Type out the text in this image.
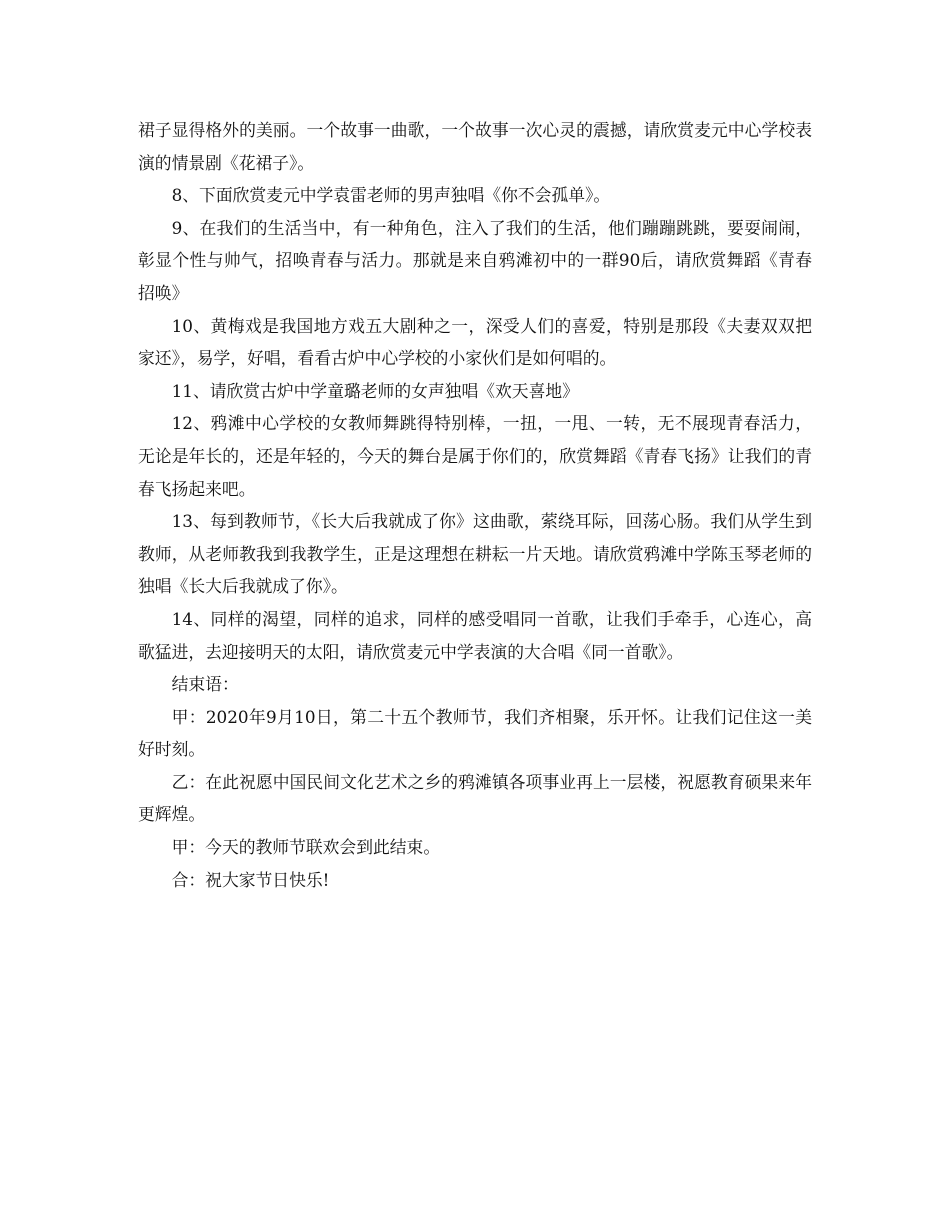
裙子显得格外的美丽。一个故事一曲歌，一个故事一次心灵的震撼，请欣赏麦元中心学校表演的情景剧《花裙子》。

8、下面欣赏麦元中学袁雷老师的男声独唱《你不会孤单》。

9、在我们的生活当中，有一种角色，注入了我们的生活，他们蹦蹦跳跳，要耍闹闹，彰显个性与帅气，招唤青春与活力。那就是来自鸦滩初中的一群90后，请欣赏舞蹈《青春招唤》

10、黄梅戏是我国地方戏五大剧种之一，深受人们的喜爱，特别是那段《夫妻双双把家还》，易学，好唱，看看古炉中心学校的小家伙们是如何唱的。

11、请欣赏古炉中学童璐老师的女声独唱《欢天喜地》

12、鸦滩中心学校的女教师舞跳得特别棒，一扭，一甩、一转，无不展现青春活力，无论是年长的，还是年轻的，今天的舞台是属于你们的，欣赏舞蹈《青春飞扬》让我们的青春飞扬起来吧。

13、每到教师节，《长大后我就成了你》这曲歌，萦绕耳际，回荡心肠。我们从学生到教师，从老师教我到我教学生，正是这理想在耕耘一片天地。请欣赏鸦滩中学陈玉琴老师的独唱《长大后我就成了你》。

14、同样的渴望，同样的追求，同样的感受唱同一首歌，让我们手牵手，心连心，高歌猛进，去迎接明天的太阳，请欣赏麦元中学表演的大合唱《同一首歌》。

结束语：

甲：2020年9月10日，第二十五个教师节，我们齐相聚，乐开怀。让我们记住这一美好时刻。

乙：在此祝愿中国民间文化艺术之乡的鸦滩镇各项事业再上一层楼，祝愿教育硕果来年更辉煌。

甲：今天的教师节联欢会到此结束。

合：祝大家节日快乐!
